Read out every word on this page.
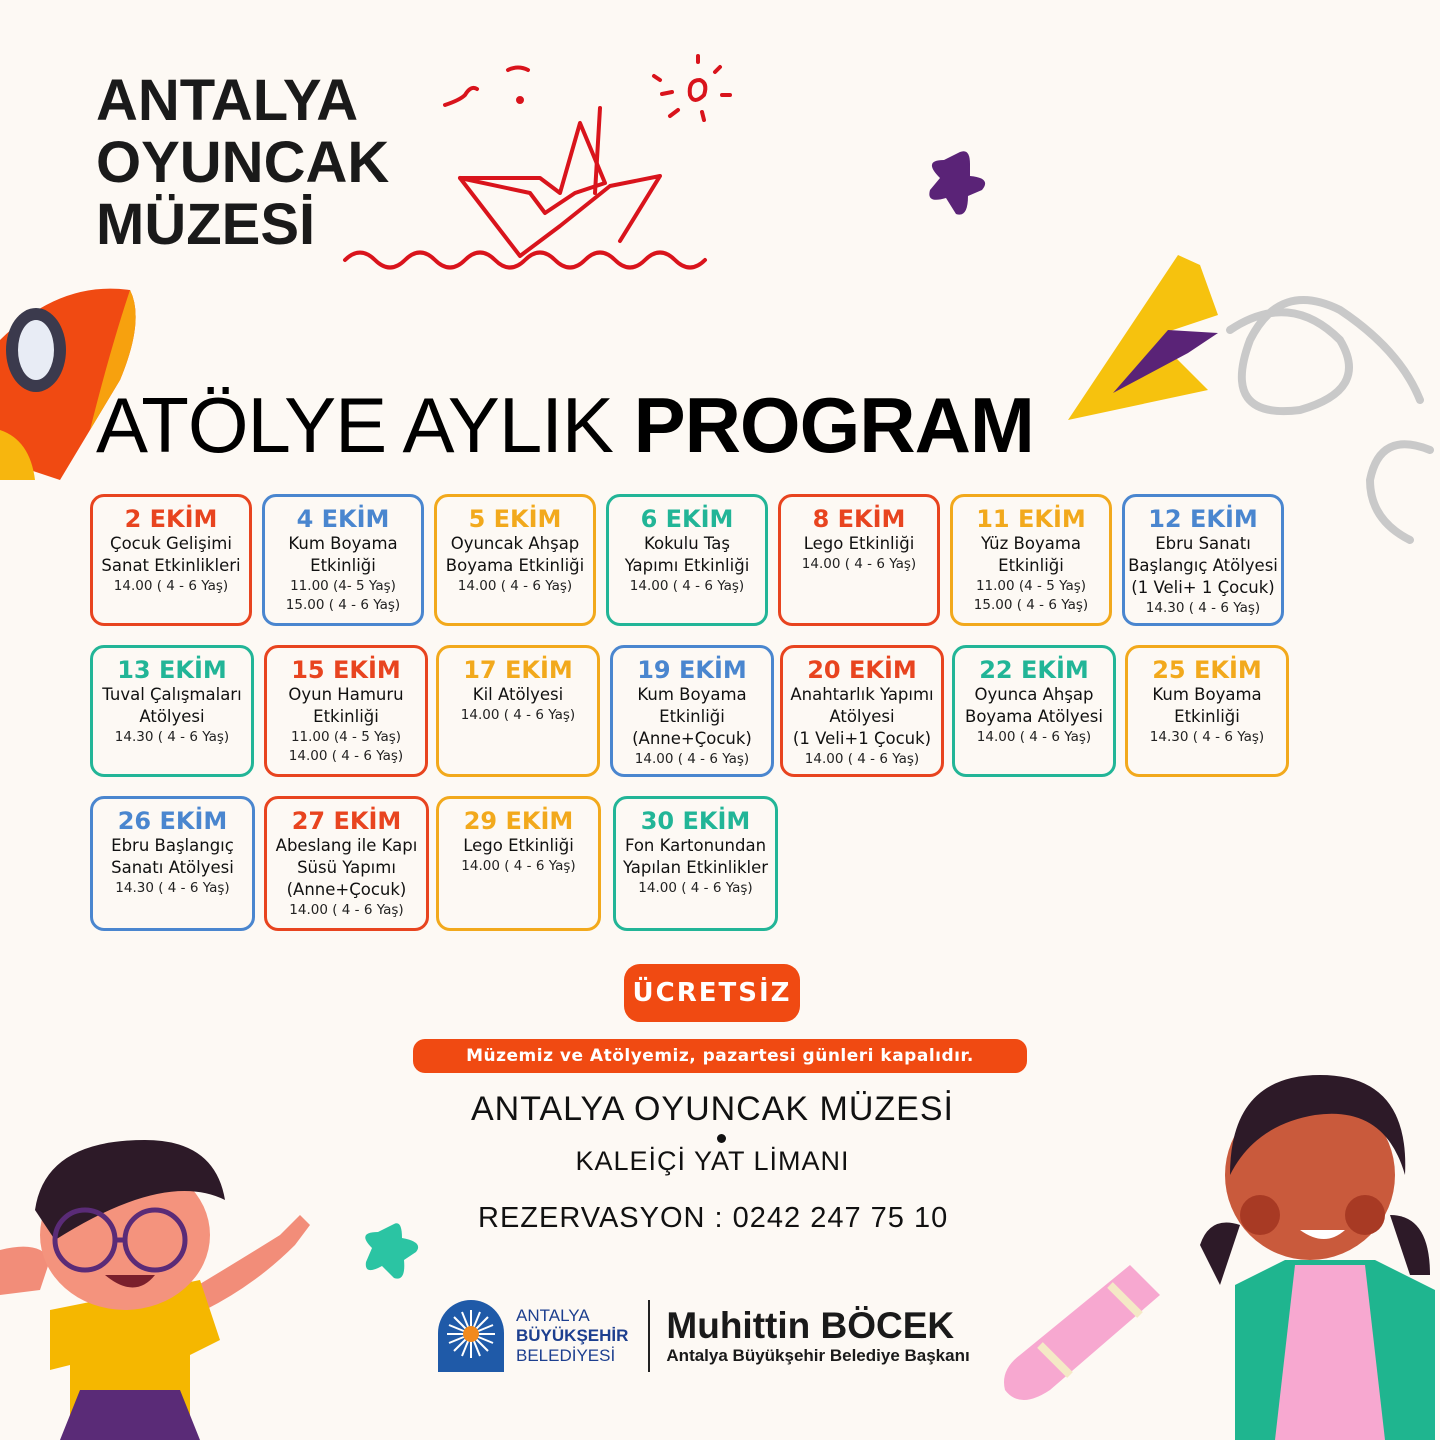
ANTALYA
OYUNCAK
MÜZESİ
ATÖLYE AYLIK PROGRAM
2 EKİM
Çocuk Gelişimi
Sanat Etkinlikleri
14.00 ( 4 - 6 Yaş)
4 EKİM
Kum Boyama
Etkinliği
11.00 (4- 5 Yaş)
15.00 ( 4 - 6 Yaş)
5 EKİM
Oyuncak Ahşap
Boyama Etkinliği
14.00 ( 4 - 6 Yaş)
6 EKİM
Kokulu Taş
Yapımı Etkinliği
14.00 ( 4 - 6 Yaş)
8 EKİM
Lego Etkinliği
14.00 ( 4 - 6 Yaş)
11 EKİM
Yüz Boyama
Etkinliği
11.00 (4 - 5 Yaş)
15.00 ( 4 - 6 Yaş)
12 EKİM
Ebru Sanatı
Başlangıç Atölyesi
(1 Veli+ 1 Çocuk)
14.30 ( 4 - 6 Yaş)
13 EKİM
Tuval Çalışmaları
Atölyesi
14.30 ( 4 - 6 Yaş)
15 EKİM
Oyun Hamuru
Etkinliği
11.00 (4 - 5 Yaş)
14.00 ( 4 - 6 Yaş)
17 EKİM
Kil Atölyesi
14.00 ( 4 - 6 Yaş)
19 EKİM
Kum Boyama
Etkinliği
(Anne+Çocuk)
14.00 ( 4 - 6 Yaş)
20 EKİM
Anahtarlık Yapımı
Atölyesi
(1 Veli+1 Çocuk)
14.00 ( 4 - 6 Yaş)
22 EKİM
Oyunca Ahşap
Boyama Atölyesi
14.00 ( 4 - 6 Yaş)
25 EKİM
Kum Boyama
Etkinliği
14.30 ( 4 - 6 Yaş)
26 EKİM
Ebru Başlangıç
Sanatı Atölyesi
14.30 ( 4 - 6 Yaş)
27 EKİM
Abeslang ile Kapı
Süsü Yapımı
(Anne+Çocuk)
14.00 ( 4 - 6 Yaş)
29 EKİM
Lego Etkinliği
14.00 ( 4 - 6 Yaş)
30 EKİM
Fon Kartonundan
Yapılan Etkinlikler
14.00 ( 4 - 6 Yaş)
ÜCRETSİZ
Müzemiz ve Atölyemiz, pazartesi günleri kapalıdır.
ANTALYA OYUNCAK MÜZESİ
KALEİÇİ YAT LİMANI
REZERVASYON : 0242 247 75 10
ANTALYA
BÜYÜKŞEHİR
BELEDİYESİ
Muhittin BÖCEK
Antalya Büyükşehir Belediye Başkanı
